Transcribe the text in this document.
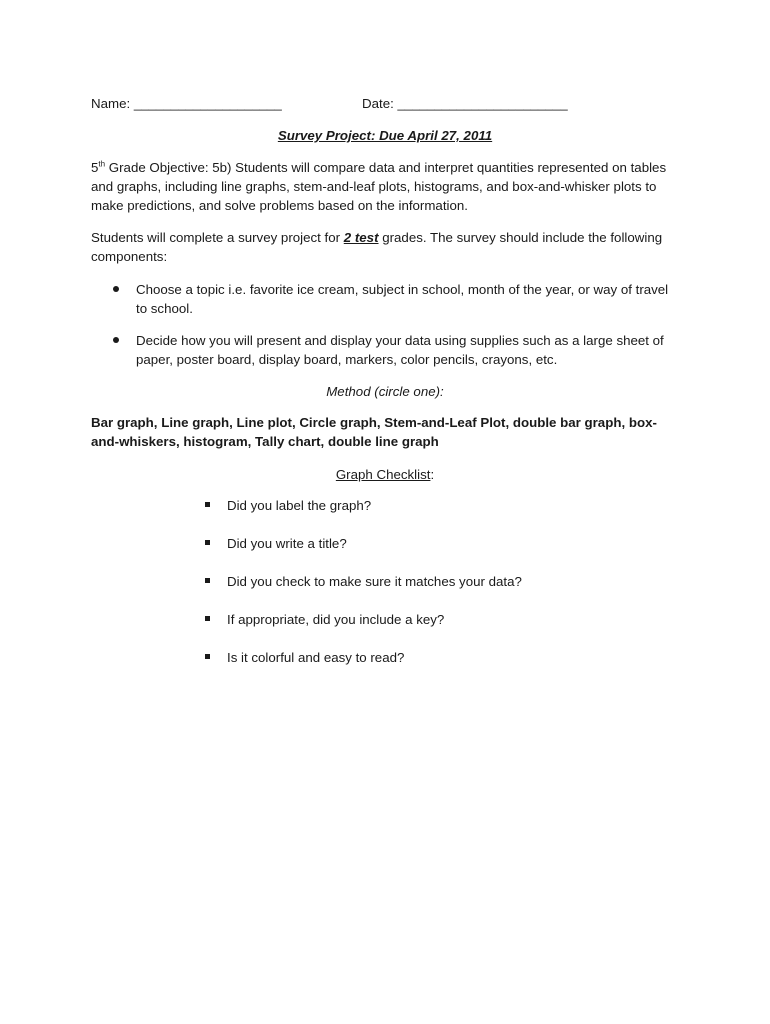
Name: ____________________	Date: _______________________
Survey Project: Due April 27, 2011
5th Grade Objective: 5b) Students will compare data and interpret quantities represented on tables and graphs, including line graphs, stem-and-leaf plots, histograms, and box-and-whisker plots to make predictions, and solve problems based on the information.
Students will complete a survey project for 2 test grades. The survey should include the following components:
Choose a topic i.e. favorite ice cream, subject in school, month of the year, or way of travel to school.
Decide how you will present and display your data using supplies such as a large sheet of paper, poster board, display board, markers, color pencils, crayons, etc.
Method (circle one):
Bar graph, Line graph, Line plot, Circle graph, Stem-and-Leaf Plot, double bar graph, box-and-whiskers, histogram, Tally chart, double line graph
Graph Checklist:
Did you label the graph?
Did you write a title?
Did you check to make sure it matches your data?
If appropriate, did you include a key?
Is it colorful and easy to read?
